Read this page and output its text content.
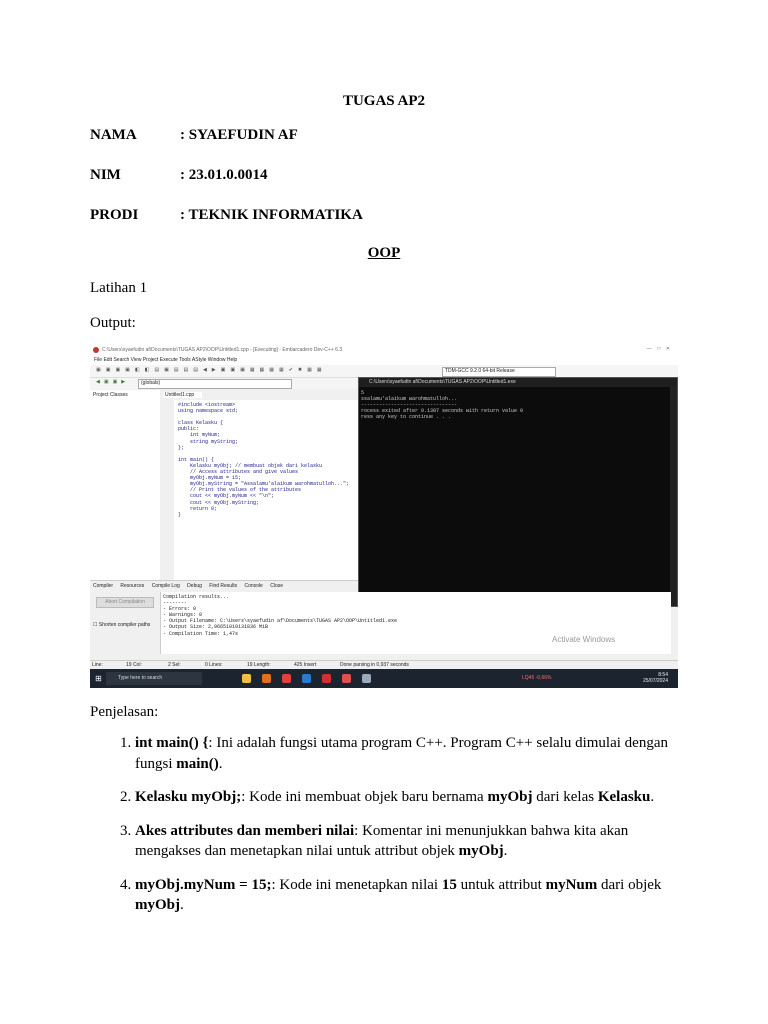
TUGAS AP2
NAMA	: SYAEFUDIN AF
NIM	: 23.01.0.0014
PRODI	: TEKNIK INFORMATIKA
OOP
Latihan 1
Output:
C:\Users\syaefudin af\Documents\TUGAS AP2\OOP\Untitled1.cpp - [Executing] - Embarcadero Dev-C++ 6.3	—    □    ✕
File Edit Search View Project Execute Tools AStyle Window Help
▣▣▣▣◧◧▤▣▤▤▤◀▶▣▣▣▦▦▦▦✔✖▦▦	TDM-GCC 9.2.0 64-bit Release
◀▣▣▶	(globals)
Project Classes	Untitled1.cpp
#include <iostream>
using namespace std;

class Kelasku {
public:
int myNum;
string myString;
};

int main() {
Kelasku myObj; // membuat objek dari kelasku
// Access attributes and give values
myObj.myNum = 15;
myObj.myString = "Assalamu'alaikum warohmatulloh...";
// Print the values of the attributes
cout << myObj.myNum << "\n";
cout << myObj.myString;
return 0;
}
C:\Users\syaefudin af\Documents\TUGAS AP2\OOP\Untitled1.exe
5
ssalamu'alaikum warohmatulloh...
--------------------------------
rocess exited after 0.1307 seconds with return value 0
ress any key to continue . . .
Compiler Resources Compile Log Debug Find Results Console Close
Abort Compilation
☐ Shorten compiler paths
Compilation results...
--------
- Errors: 0
- Warnings: 0
- Output Filename: C:\Users\syaefudin af\Documents\TUGAS AP2\OOP\Untitled1.exe
- Output Size: 2,96651010131836 MiB
- Compilation Time: 1,47s
Activate Windows
Line:	19 Col:	2 Sel:	0 Lines:	19 Length:	425 Insert	Done parsing in 0,937 seconds
⊞	Type here to search	LQ45 -0,66%	8:54
25/07/2024
Penjelasan:
1. int main() {: Ini adalah fungsi utama program C++. Program C++ selalu dimulai dengan fungsi main().
2. Kelasku myObj;: Kode ini membuat objek baru bernama myObj dari kelas Kelasku.
3. Akes attributes dan memberi nilai: Komentar ini menunjukkan bahwa kita akan mengakses dan menetapkan nilai untuk attribut objek myObj.
4. myObj.myNum = 15;: Kode ini menetapkan nilai 15 untuk attribut myNum dari objek myObj.
